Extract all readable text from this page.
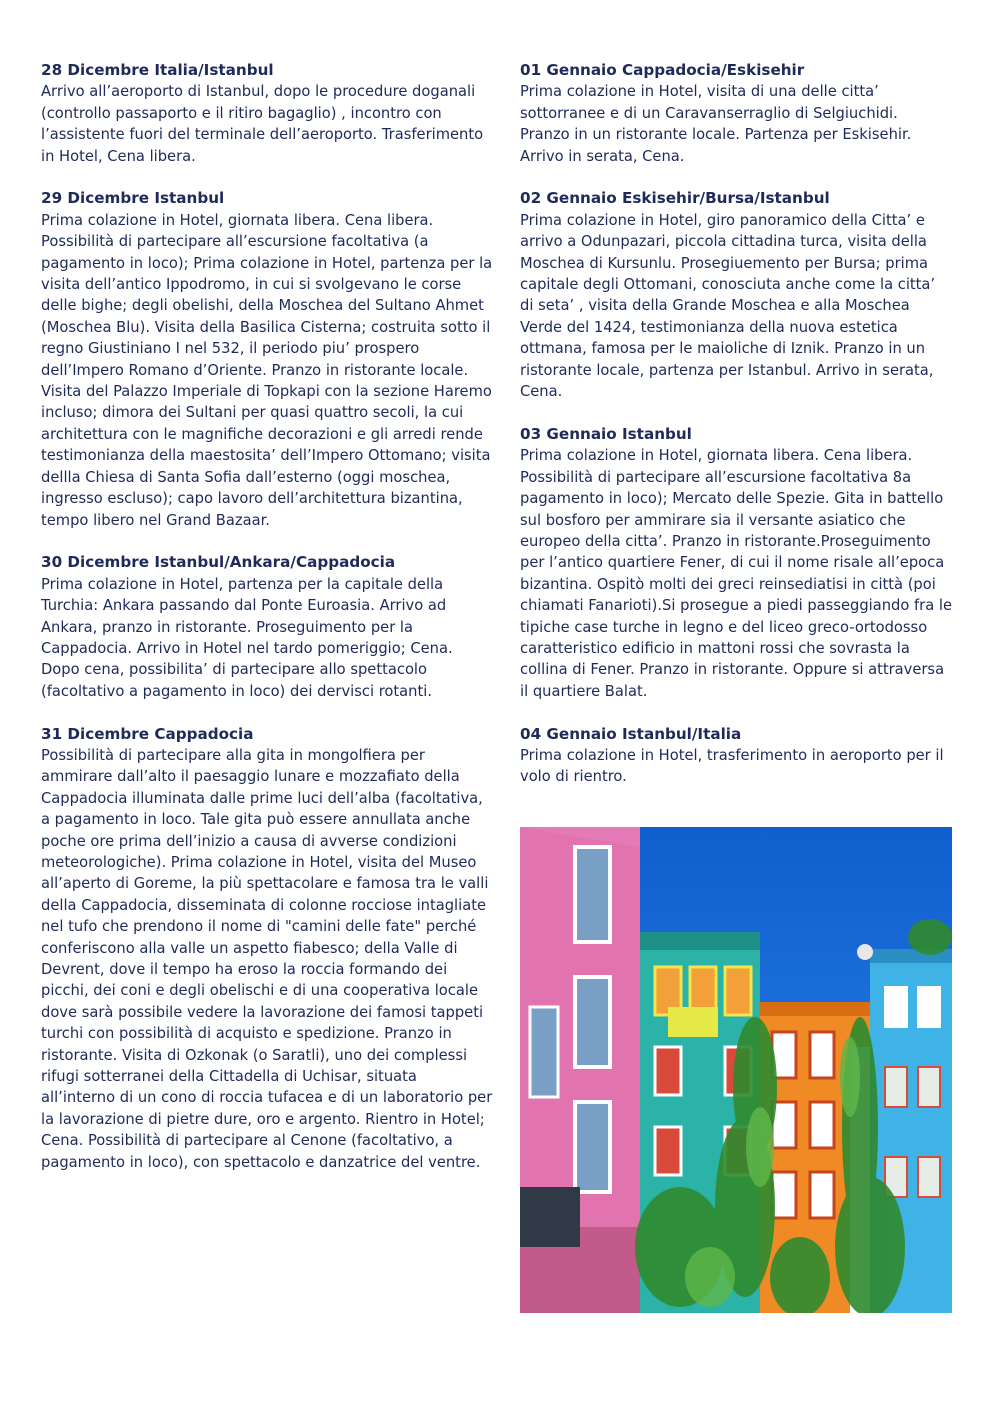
28 Dicembre Italia/Istanbul

Arrivo all’aeroporto di Istanbul, dopo le procedure doganali (controllo passaporto e il ritiro bagaglio) , incontro con l’assistente fuori del terminale dell’aeroporto. Trasferimento in Hotel, Cena libera.

29 Dicembre Istanbul

Prima colazione in Hotel, giornata libera. Cena libera. Possibilità di partecipare all’escursione facoltativa (a pagamento in loco); Prima colazione in Hotel, partenza per la visita dell’antico Ippodromo, in cui si svolgevano le corse delle bighe; degli obelishi, della Moschea del Sultano Ahmet (Moschea Blu). Visita della Basilica Cisterna; costruita sotto il regno Giustiniano I nel 532, il periodo piu’ prospero dell’Impero Romano d’Oriente. Pranzo in ristorante locale. Visita del Palazzo Imperiale di Topkapi con la sezione Haremo incluso; dimora dei Sultani per quasi quattro secoli, la cui architettura con le magnifiche decorazioni e gli arredi rende testimonianza della maestosita’ dell’Impero Ottomano; visita dellla Chiesa di Santa Sofia dall’esterno (oggi moschea, ingresso escluso); capo lavoro dell’architettura bizantina, tempo libero nel Grand Bazaar.

30 Dicembre Istanbul/Ankara/Cappadocia

Prima colazione in Hotel, partenza per la capitale della Turchia: Ankara passando dal Ponte Euroasia. Arrivo ad Ankara, pranzo in ristorante. Proseguimento per la Cappadocia. Arrivo in Hotel nel tardo pomeriggio; Cena. Dopo cena, possibilita’ di partecipare allo spettacolo (facoltativo a pagamento in loco) dei dervisci rotanti.

31 Dicembre Cappadocia

Possibilità di partecipare alla gita in mongolfiera per ammirare dall’alto il paesaggio lunare e mozzafiato della Cappadocia illuminata dalle prime luci dell’alba (facoltativa, a pagamento in loco. Tale gita può essere annullata anche poche ore prima dell’inizio a causa di avverse condizioni meteorologiche). Prima colazione in Hotel, visita del Museo all’aperto di Goreme, la più spettacolare e famosa tra le valli della Cappadocia, disseminata di colonne rocciose intagliate nel tufo che prendono il nome di "camini delle fate" perché conferiscono alla valle un aspetto fiabesco; della Valle di Devrent, dove il tempo ha eroso la roccia formando dei picchi, dei coni e degli obelischi e di una cooperativa locale dove sarà possibile vedere la lavorazione dei famosi tappeti turchi con possibilità di acquisto e spedizione. Pranzo in ristorante. Visita di Ozkonak (o Saratli), uno dei complessi rifugi sotterranei della Cittadella di Uchisar, situata all’interno di un cono di roccia tufacea e di un laboratorio per la lavorazione di pietre dure, oro e argento. Rientro in Hotel; Cena. Possibilità di partecipare al Cenone (facoltativo, a pagamento in loco), con spettacolo e danzatrice del ventre.

01 Gennaio Cappadocia/Eskisehir

Prima colazione in Hotel, visita di una delle citta’ sottorranee e di un Caravanserraglio di Selgiuchidi. Pranzo in un ristorante locale. Partenza per Eskisehir. Arrivo in serata, Cena.

02 Gennaio Eskisehir/Bursa/Istanbul

Prima colazione in Hotel, giro panoramico della Citta’ e arrivo a Odunpazari, piccola cittadina turca, visita della Moschea di Kursunlu. Prosegiuemento per Bursa; prima capitale degli Ottomani, conosciuta anche come la citta’ di seta’ , visita della Grande Moschea e alla Moschea Verde del 1424, testimonianza della nuova estetica ottmana, famosa per le maioliche di Iznik. Pranzo in un ristorante locale, partenza per Istanbul. Arrivo in serata, Cena.

03 Gennaio Istanbul

Prima colazione in Hotel, giornata libera. Cena libera. Possibilità di partecipare all’escursione facoltativa 8a pagamento in loco); Mercato delle Spezie. Gita in battello sul bosforo per ammirare sia il versante asiatico che europeo della citta’. Pranzo in ristorante.Proseguimento per l’antico quartiere Fener, di cui il nome risale all’epoca bizantina. Ospitò molti dei greci reinsediatisi in città (poi chiamati Fanarioti).Si prosegue a piedi passeggiando fra le tipiche case turche in legno e del liceo greco-ortodosso caratteristico edificio in mattoni rossi che sovrasta la collina di Fener. Pranzo in ristorante. Oppure si attraversa il quartiere Balat.

04 Gennaio Istanbul/Italia

Prima colazione in Hotel, trasferimento in aeroporto per il volo di rientro.
